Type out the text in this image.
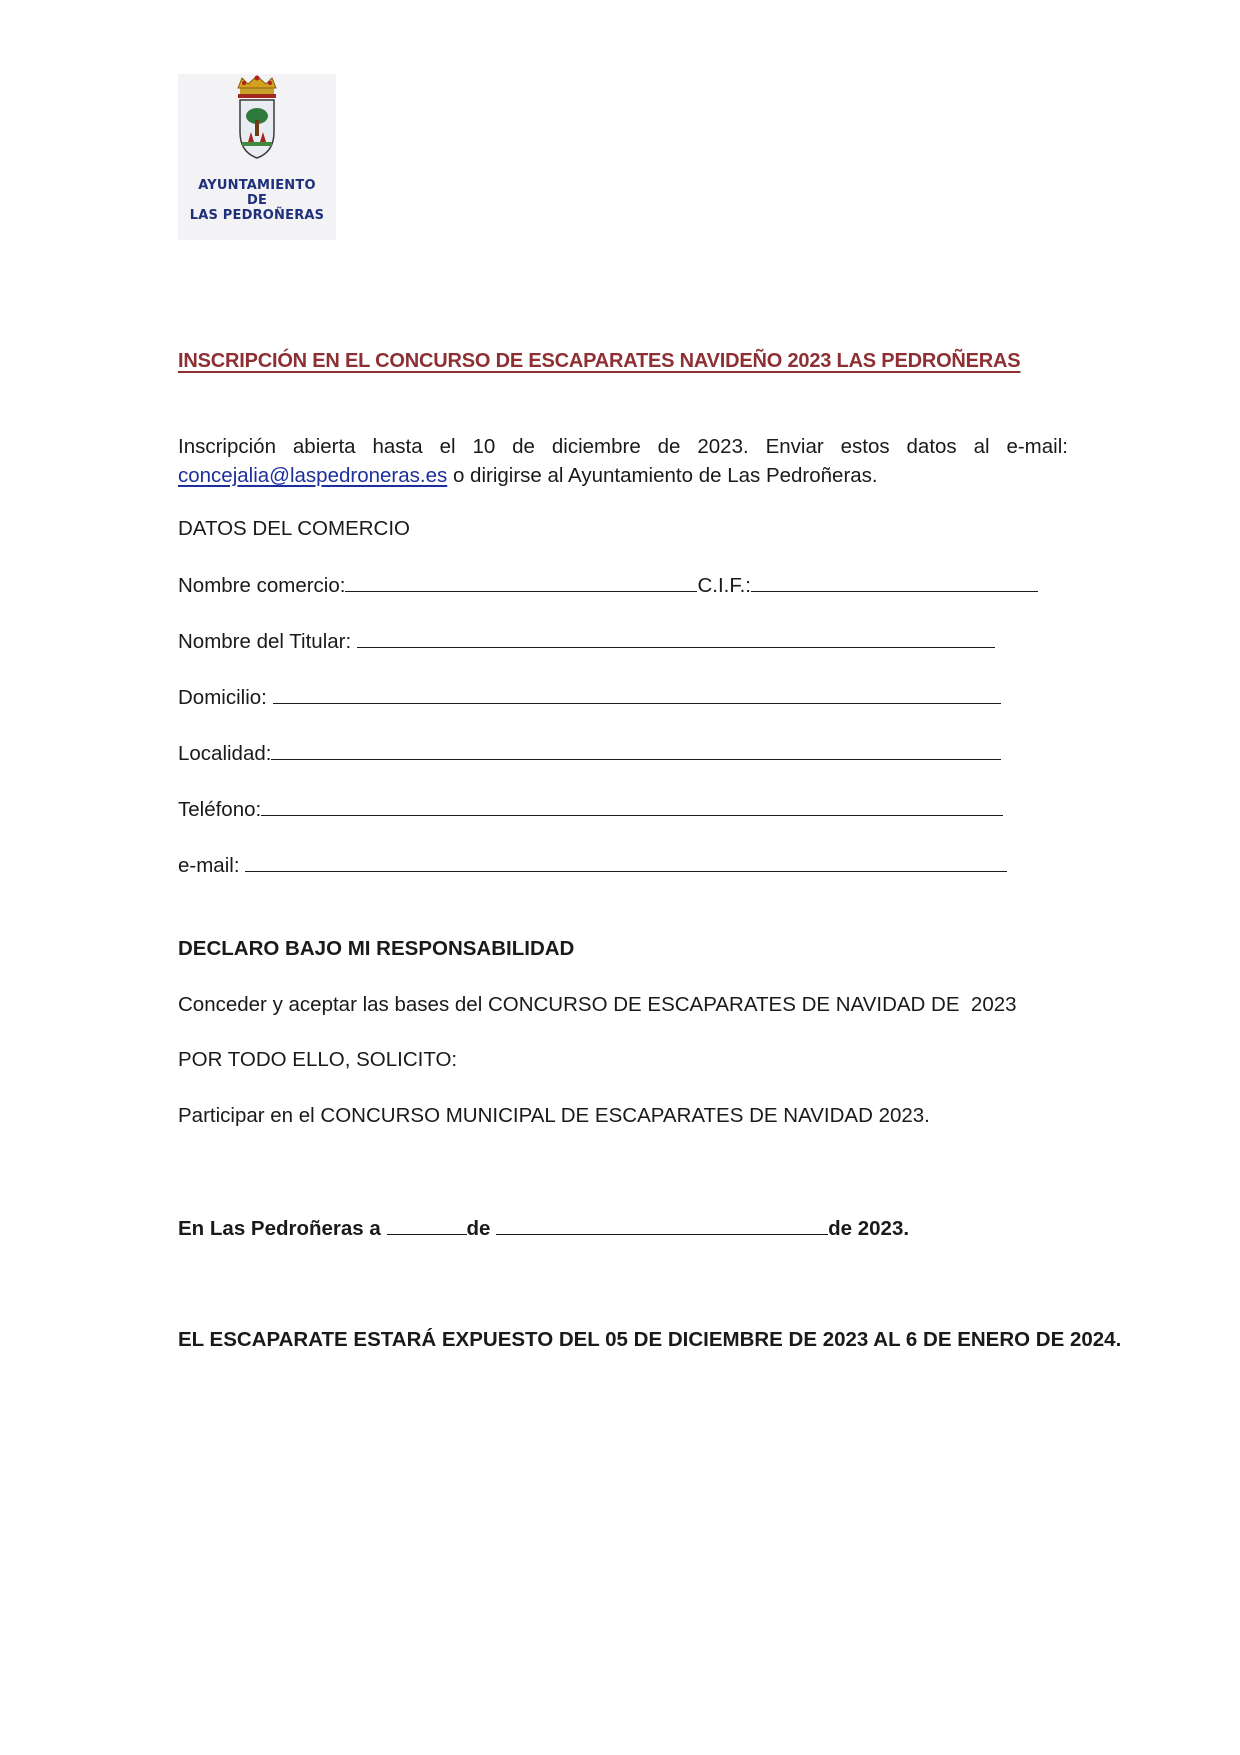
AYUNTAMIENTO
DE
LAS PEDROÑERAS
INSCRIPCIÓN EN EL CONCURSO DE ESCAPARATES NAVIDEÑO 2023 LAS PEDROÑERAS
Inscripción abierta hasta el 10 de diciembre de 2023. Enviar estos datos al e-mail:
concejalia@laspedroneras.es o dirigirse al Ayuntamiento de Las Pedroñeras.
DATOS DEL COMERCIO
Nombre comercio:	C.I.F.:
Nombre del Titular:
Domicilio:
Localidad:
Teléfono:
e-mail:
DECLARO BAJO MI RESPONSABILIDAD
Conceder y aceptar las bases del CONCURSO DE ESCAPARATES DE NAVIDAD DE  2023
POR TODO ELLO, SOLICITO:
Participar en el CONCURSO MUNICIPAL DE ESCAPARATES DE NAVIDAD 2023.
En Las Pedroñeras a	de	de 2023.
EL ESCAPARATE ESTARÁ EXPUESTO DEL 05 DE DICIEMBRE DE 2023 AL 6 DE ENERO DE 2024.
